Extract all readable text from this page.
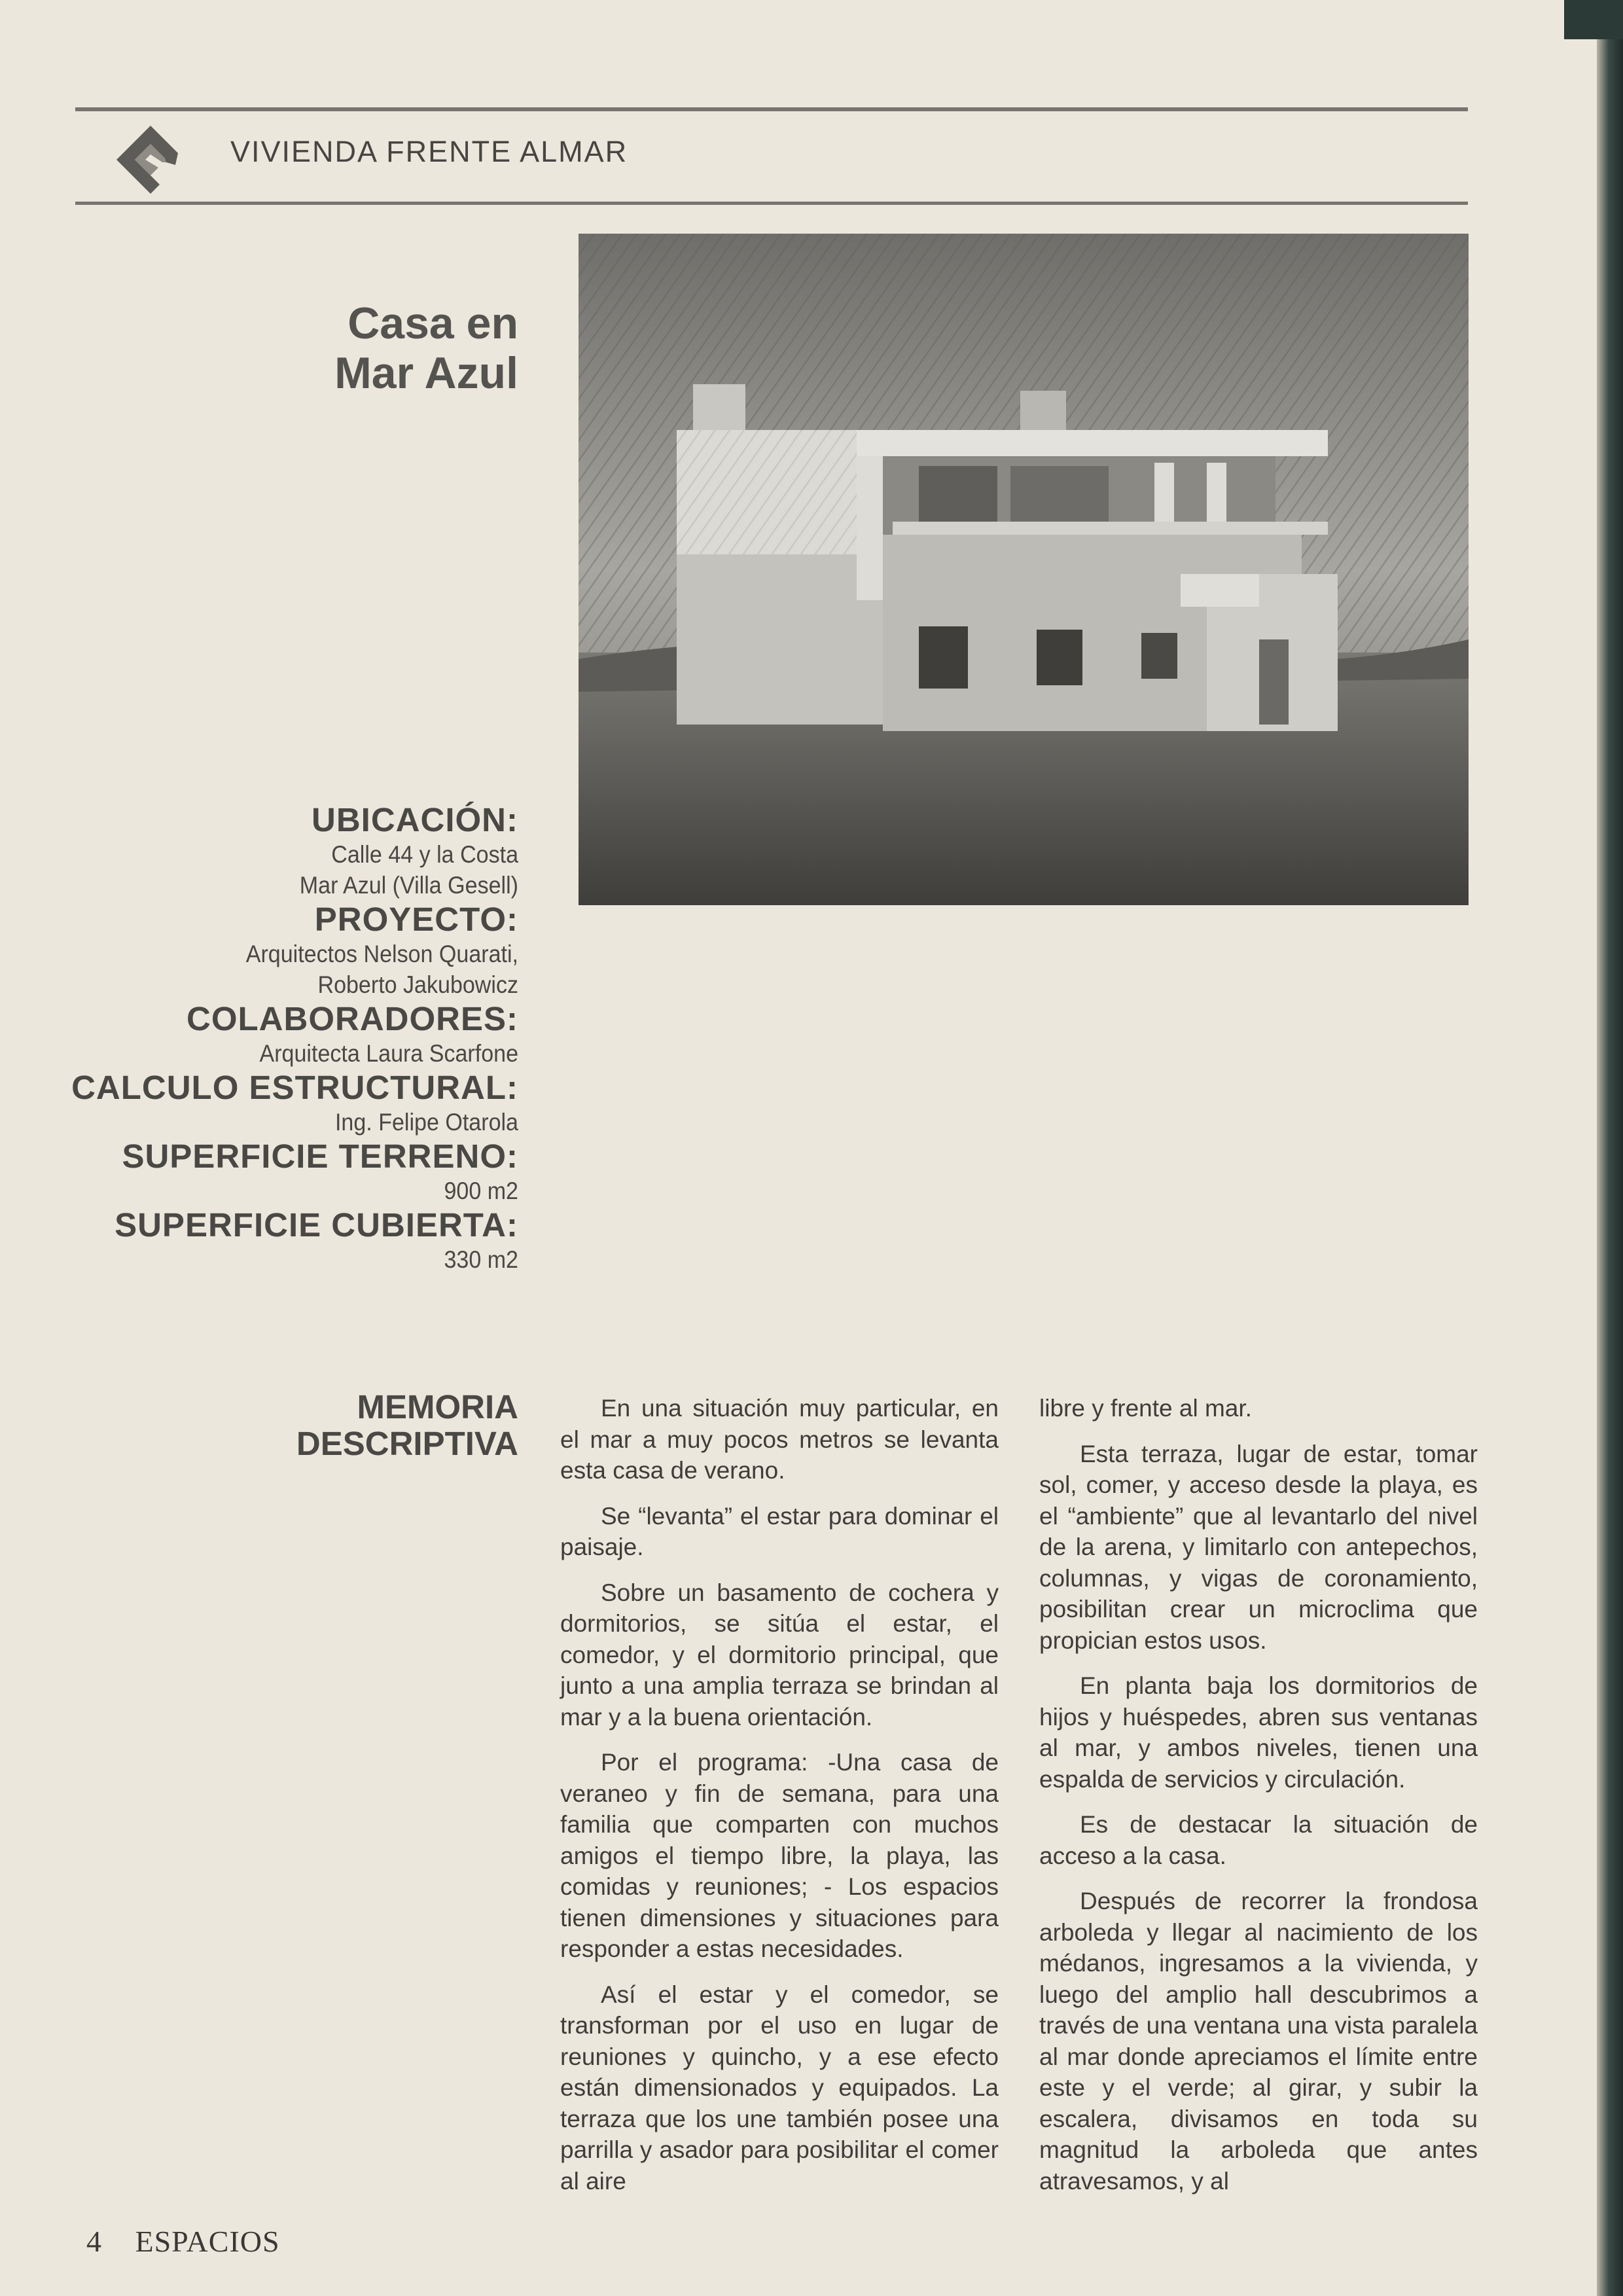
VIVIENDA FRENTE ALMAR
Casa en
Mar Azul
UBICACIÓN:
Calle 44 y la Costa
Mar Azul (Villa Gesell)
PROYECTO:
Arquitectos Nelson Quarati,
Roberto Jakubowicz
COLABORADORES:
Arquitecta Laura Scarfone
CALCULO ESTRUCTURAL:
Ing. Felipe Otarola
SUPERFICIE TERRENO:
900 m2
SUPERFICIE CUBIERTA:
330 m2
MEMORIA
DESCRIPTIVA

En una situación muy particular, en el mar a muy pocos metros se levanta esta casa de verano.

Se “levanta” el estar para dominar el paisaje.

Sobre un basamento de cochera y dormitorios, se sitúa el estar, el comedor, y el dormitorio principal, que junto a una amplia terraza se brindan al mar y a la buena orientación.

Por el programa: -Una casa de veraneo y fin de semana, para una familia que comparten con muchos amigos el tiempo libre, la playa, las comidas y reuniones; - Los espacios tienen dimensiones y situaciones para responder a estas necesidades.

Así el estar y el comedor, se transforman por el uso en lugar de reuniones y quincho, y a ese efecto están dimensionados y equipados. La terraza que los une también posee una parrilla y asador para posibilitar el comer al aire

libre y frente al mar.

Esta terraza, lugar de estar, tomar sol, comer, y acceso desde la playa, es el “ambiente” que al levantarlo del nivel de la arena, y limitarlo con antepechos, columnas, y vigas de coronamiento, posibilitan crear un microclima que propician estos usos.

En planta baja los dormitorios de hijos y huéspedes, abren sus ventanas al mar, y ambos niveles, tienen una espalda de servicios y circulación.

Es de destacar la situación de acceso a la casa.

Después de recorrer la frondosa arboleda y llegar al nacimiento de los médanos, ingresamos a la vivienda, y luego del amplio hall descubrimos a través de una ventana una vista paralela al mar donde apreciamos el límite entre este y el verde; al girar, y subir la escalera, divisamos en toda su magnitud la arboleda que antes atravesamos, y al

4 ESPACIOS
